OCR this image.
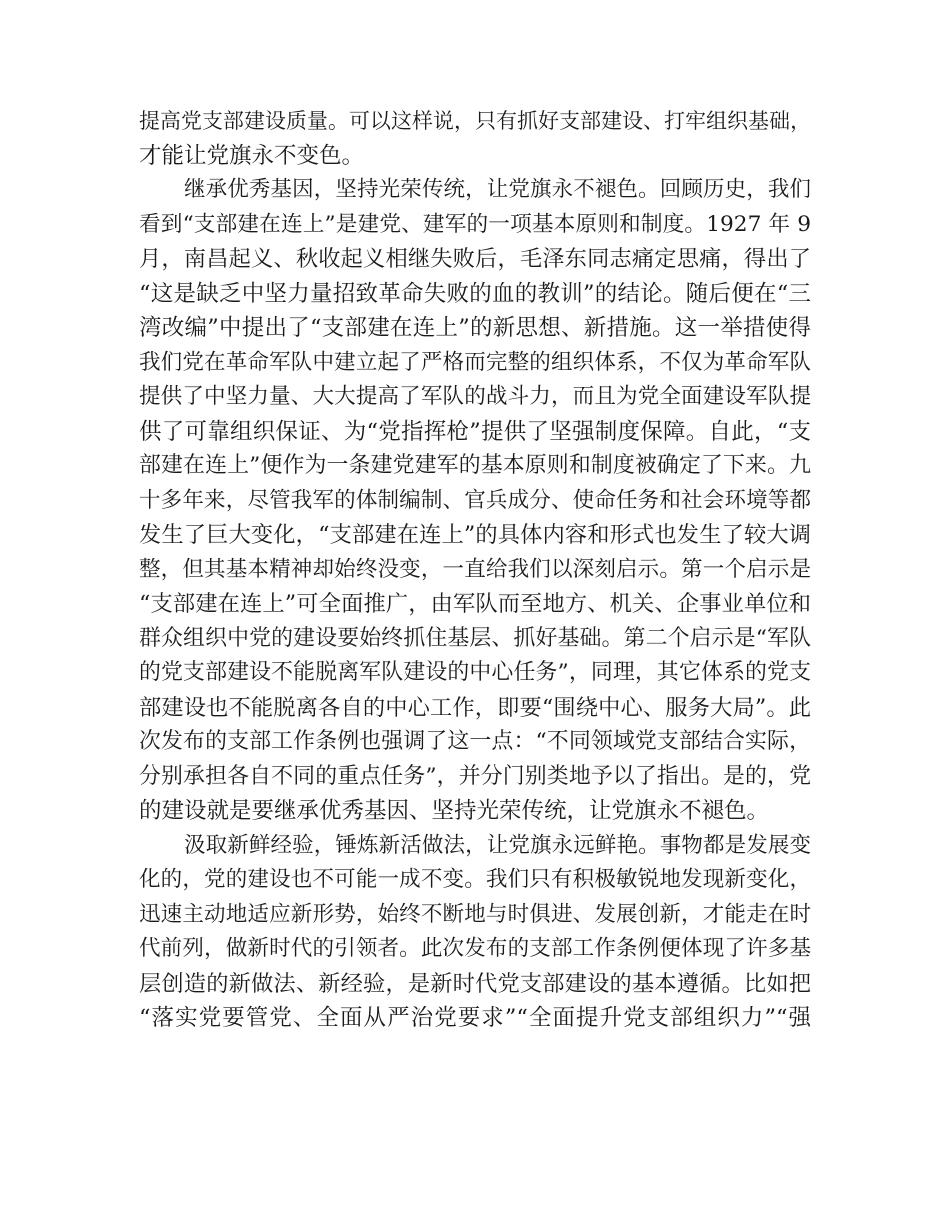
提高党支部建设质量。可以这样说，只有抓好支部建设、打牢组织基础，
才能让党旗永不变色。
继承优秀基因，坚持光荣传统，让党旗永不褪色。回顾历史，我们
看到“支部建在连上”是建党、建军的一项基本原则和制度。1927 年 9
月，南昌起义、秋收起义相继失败后，毛泽东同志痛定思痛，得出了
“这是缺乏中坚力量招致革命失败的血的教训”的结论。随后便在“三
湾改编”中提出了“支部建在连上”的新思想、新措施。这一举措使得
我们党在革命军队中建立起了严格而完整的组织体系，不仅为革命军队
提供了中坚力量、大大提高了军队的战斗力，而且为党全面建设军队提
供了可靠组织保证、为“党指挥枪”提供了坚强制度保障。自此，“支
部建在连上”便作为一条建党建军的基本原则和制度被确定了下来。九
十多年来，尽管我军的体制编制、官兵成分、使命任务和社会环境等都
发生了巨大变化，“支部建在连上”的具体内容和形式也发生了较大调
整，但其基本精神却始终没变，一直给我们以深刻启示。第一个启示是
“支部建在连上”可全面推广，由军队而至地方、机关、企事业单位和
群众组织中党的建设要始终抓住基层、抓好基础。第二个启示是“军队
的党支部建设不能脱离军队建设的中心任务”，同理，其它体系的党支
部建设也不能脱离各自的中心工作，即要“围绕中心、服务大局”。此
次发布的支部工作条例也强调了这一点：“不同领域党支部结合实际，
分别承担各自不同的重点任务”，并分门别类地予以了指出。是的，党
的建设就是要继承优秀基因、坚持光荣传统，让党旗永不褪色。
汲取新鲜经验，锤炼新活做法，让党旗永远鲜艳。事物都是发展变
化的，党的建设也不可能一成不变。我们只有积极敏锐地发现新变化，
迅速主动地适应新形势，始终不断地与时俱进、发展创新，才能走在时
代前列，做新时代的引领者。此次发布的支部工作条例便体现了许多基
层创造的新做法、新经验，是新时代党支部建设的基本遵循。比如把
“落实党要管党、全面从严治党要求”“全面提升党支部组织力”“强
